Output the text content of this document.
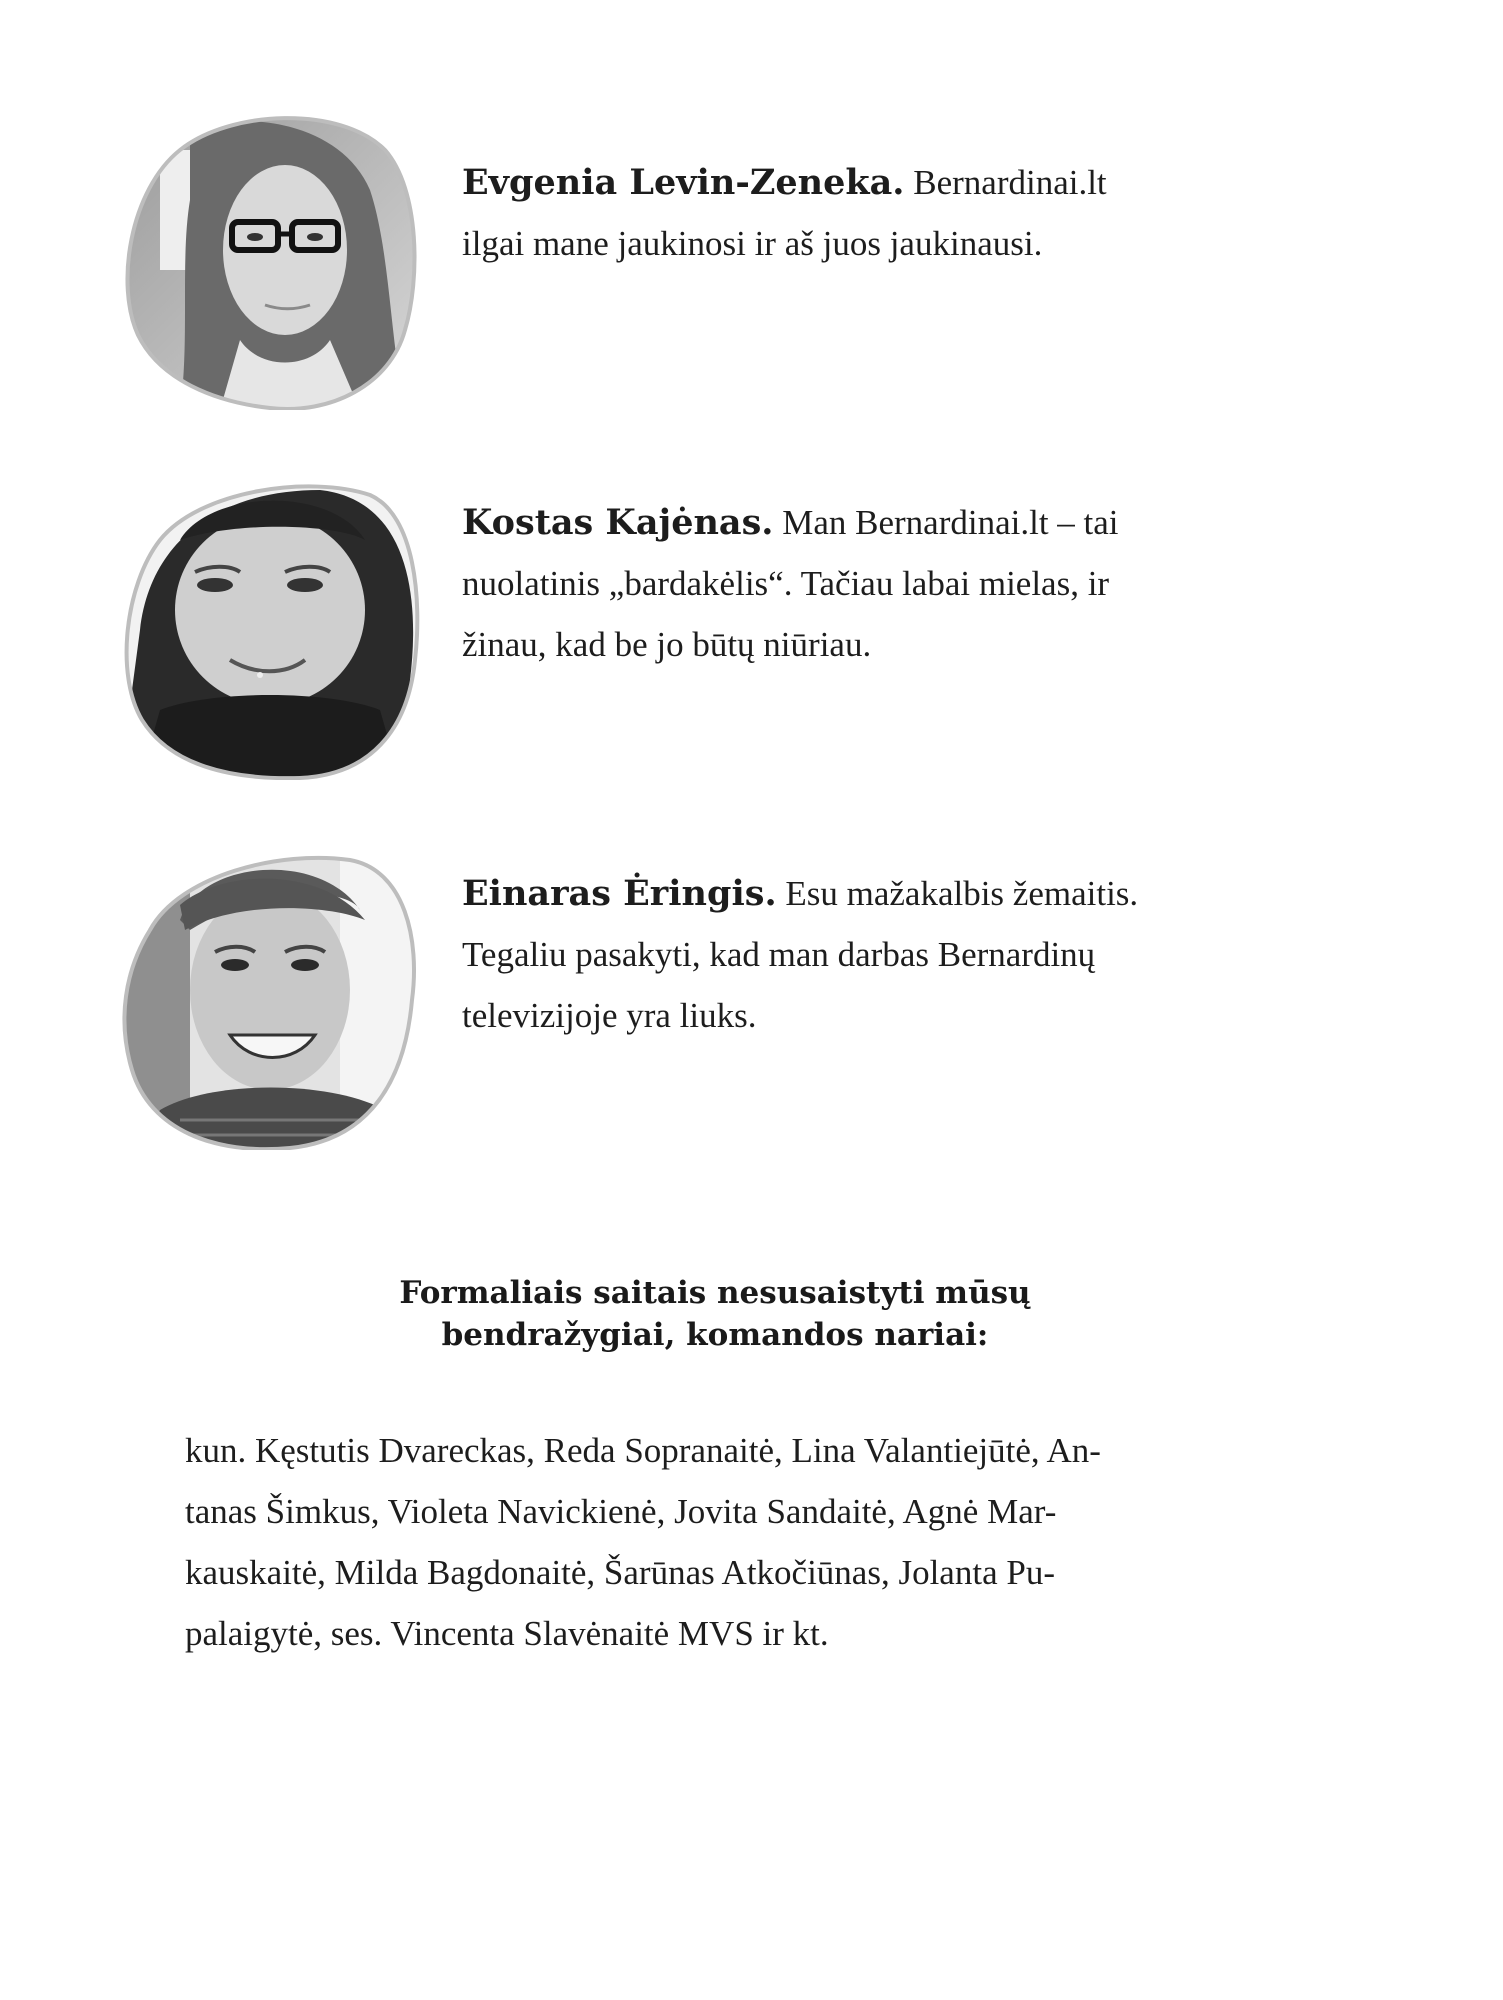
Evgenia Levin-Zeneka. Bernardinai.lt
ilgai mane jaukinosi ir aš juos jaukinausi.
Kostas Kajėnas. Man Bernardinai.lt – tai
nuolatinis „bardakėlis“. Tačiau labai mielas, ir
žinau, kad be jo būtų niūriau.
Einaras Ėringis. Esu mažakalbis žemaitis.
Tegaliu pasakyti, kad man darbas Bernardinų
televizijoje yra liuks.
Formaliais saitais nesusaistyti mūsų
bendražygiai, komandos nariai:
kun. Kęstutis Dvareckas, Reda Sopranaitė, Lina Valantiejūtė, An-
tanas Šimkus, Violeta Navickienė, Jovita Sandaitė, Agnė Mar-
kauskaitė, Milda Bagdonaitė, Šarūnas Atkočiūnas, Jolanta Pu-
palaigytė, ses. Vincenta Slavėnaitė MVS ir kt.
